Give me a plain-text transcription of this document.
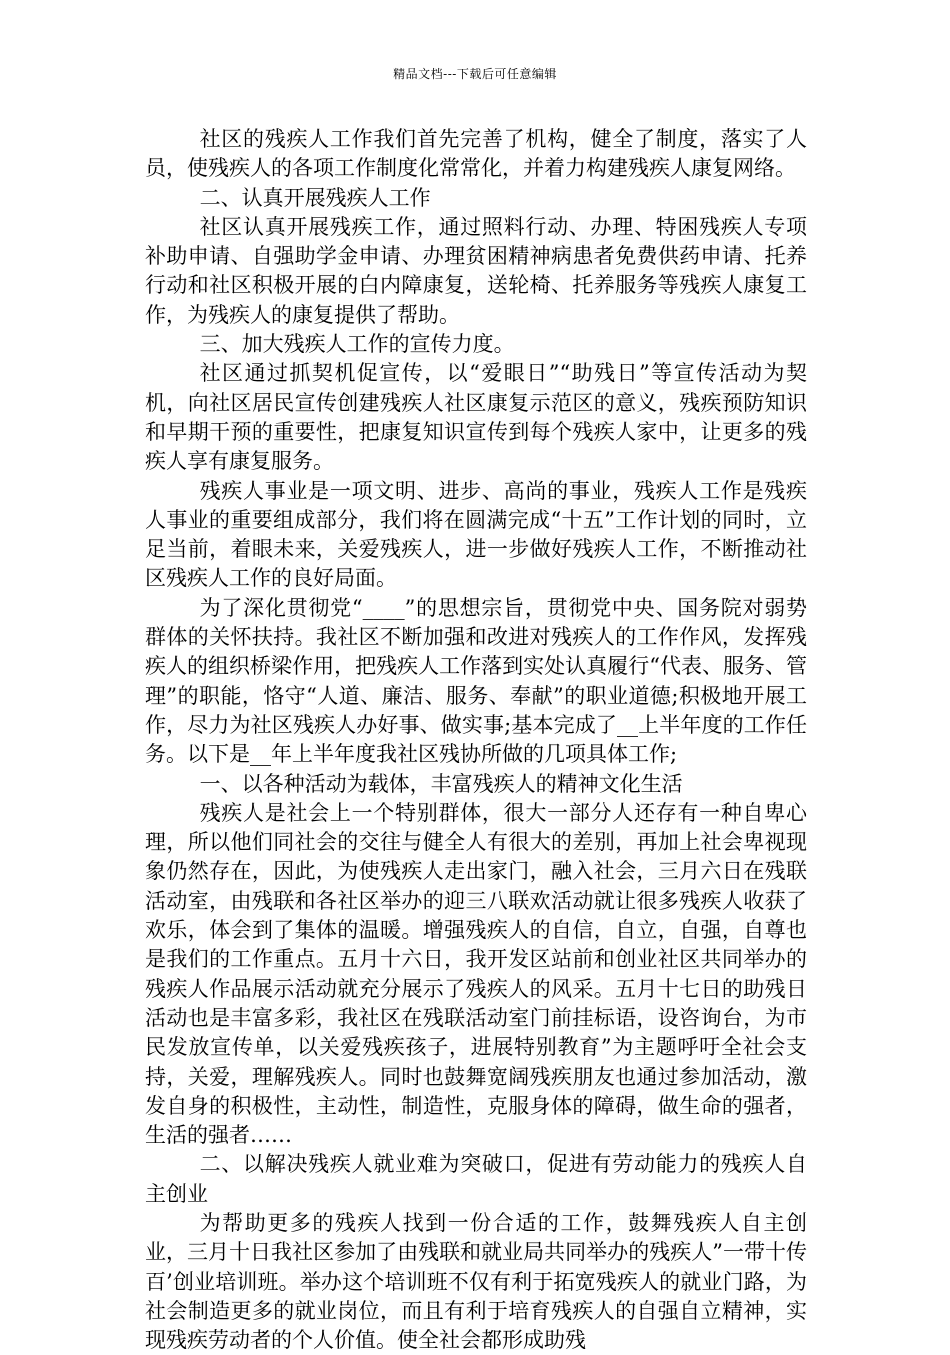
精品文档---下载后可任意编辑

社区的残疾人工作我们首先完善了机构，健全了制度，落实了人员，使残疾人的各项工作制度化常常化，并着力构建残疾人康复网络。

二、认真开展残疾人工作

社区认真开展残疾工作，通过照料行动、办理、特困残疾人专项补助申请、自强助学金申请、办理贫困精神病患者免费供药申请、托养行动和社区积极开展的白内障康复，送轮椅、托养服务等残疾人康复工作，为残疾人的康复提供了帮助。

三、加大残疾人工作的宣传力度。

社区通过抓契机促宣传，以“爱眼日”“助残日”等宣传活动为契机，向社区居民宣传创建残疾人社区康复示范区的意义，残疾预防知识和早期干预的重要性，把康复知识宣传到每个残疾人家中，让更多的残疾人享有康复服务。

残疾人事业是一项文明、进步、高尚的事业，残疾人工作是残疾人事业的重要组成部分，我们将在圆满完成“十五”工作计划的同时，立足当前，着眼未来，关爱残疾人，进一步做好残疾人工作，不断推动社区残疾人工作的良好局面。

为了深化贯彻党“____”的思想宗旨，贯彻党中央、国务院对弱势群体的关怀扶持。我社区不断加强和改进对残疾人的工作作风，发挥残疾人的组织桥梁作用，把残疾人工作落到实处认真履行“代表、服务、管理”的职能，恪守“人道、廉洁、服务、奉献”的职业道德;积极地开展工作，尽力为社区残疾人办好事、做实事;基本完成了__上半年度的工作任务。以下是__年上半年度我社区残协所做的几项具体工作;

一、以各种活动为载体，丰富残疾人的精神文化生活

残疾人是社会上一个特别群体，很大一部分人还存有一种自卑心理，所以他们同社会的交往与健全人有很大的差别，再加上社会卑视现象仍然存在，因此，为使残疾人走出家门，融入社会，三月六日在残联活动室，由残联和各社区举办的迎三八联欢活动就让很多残疾人收获了欢乐，体会到了集体的温暖。增强残疾人的自信，自立，自强，自尊也是我们的工作重点。五月十六日，我开发区站前和创业社区共同举办的残疾人作品展示活动就充分展示了残疾人的风采。五月十七日的助残日活动也是丰富多彩，我社区在残联活动室门前挂标语，设咨询台，为市民发放宣传单，以关爱残疾孩子，进展特别教育”为主题呼吁全社会支持，关爱，理解残疾人。同时也鼓舞宽阔残疾朋友也通过参加活动，激发自身的积极性，主动性，制造性，克服身体的障碍，做生命的强者，生活的强者……

二、以解决残疾人就业难为突破口，促进有劳动能力的残疾人自主创业

为帮助更多的残疾人找到一份合适的工作，鼓舞残疾人自主创业，三月十日我社区参加了由残联和就业局共同举办的残疾人”一带十传百’创业培训班。举办这个培训班不仅有利于拓宽残疾人的就业门路，为社会制造更多的就业岗位，而且有利于培育残疾人的自强自立精神，实现残疾劳动者的个人价值。使全社会都形成助残
